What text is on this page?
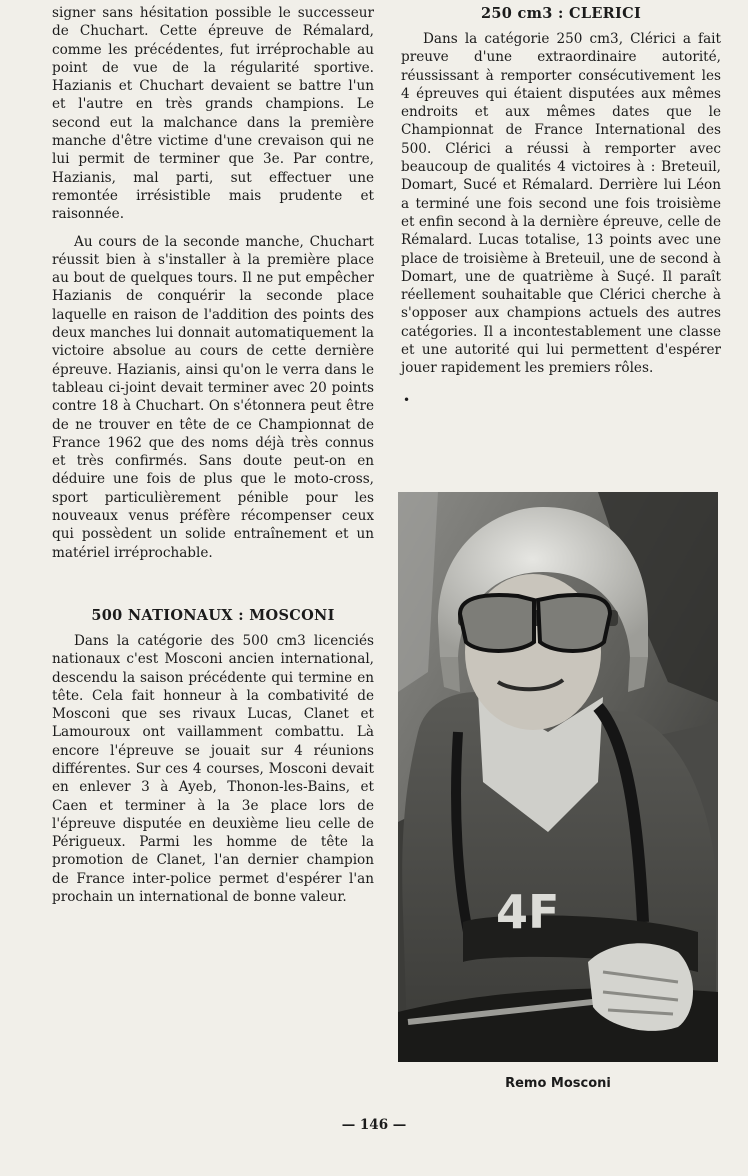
signer sans hésitation possible le successeur de Chuchart. Cette épreuve de Rémalard, comme les précédentes, fut irréprochable au point de vue de la régularité sportive. Hazianis et Chuchart devaient se battre l'un et l'autre en très grands champions. Le second eut la malchance dans la première manche d'être victime d'une crevaison qui ne lui permit de terminer que 3e. Par contre, Hazianis, mal parti, sut effectuer une remontée irrésistible mais prudente et raisonnée.

Au cours de la seconde manche, Chuchart réussit bien à s'installer à la première place au bout de quelques tours. Il ne put empêcher Hazianis de conquérir la seconde place laquelle en raison de l'addition des points des deux manches lui donnait automatiquement la victoire absolue au cours de cette dernière épreuve. Hazianis, ainsi qu'on le verra dans le tableau ci-joint devait terminer avec 20 points contre 18 à Chuchart. On s'étonnera peut être de ne trouver en tête de ce Championnat de France 1962 que des noms déjà très connus et très confirmés. Sans doute peut-on en déduire une fois de plus que le moto-cross, sport particulièrement pénible pour les nouveaux venus préfère récompenser ceux qui possèdent un solide entraînement et un matériel irréprochable.

500 NATIONAUX : MOSCONI

Dans la catégorie des 500 cm3 licenciés nationaux c'est Mosconi ancien international, descendu la saison précédente qui termine en tête. Cela fait honneur à la combativité de Mosconi que ses rivaux Lucas, Clanet et Lamouroux ont vaillamment combattu. Là encore l'épreuve se jouait sur 4 réunions différentes. Sur ces 4 courses, Mosconi devait en enlever 3 à Ayeb, Thonon-les-Bains, et Caen et terminer à la 3e place lors de l'épreuve disputée en deuxième lieu celle de Périgueux. Parmi les homme de tête la promotion de Clanet, l'an dernier champion de France inter-police permet d'espérer l'an prochain un international de bonne valeur.

250 cm3 : CLERICI

Dans la catégorie 250 cm3, Clérici a fait preuve d'une extraordinaire autorité, réussissant à remporter consécutivement les 4 épreuves qui étaient disputées aux mêmes endroits et aux mêmes dates que le Championnat de France International des 500. Clérici a réussi à remporter avec beaucoup de qualités 4 victoires à : Breteuil, Domart, Sucé et Rémalard. Derrière lui Léon a terminé une fois second une fois troisième et enfin second à la dernière épreuve, celle de Rémalard. Lucas totalise, 13 points avec une place de troisième à Breteuil, une de second à Domart, une de quatrième à Suçé. Il paraît réellement souhaitable que Clérici cherche à s'opposer aux champions actuels des autres catégories. Il a incontestablement une classe et une autorité qui lui permettent d'espérer jouer rapidement les premiers rôles.

•
4F
Remo Mosconi
— 146 —
